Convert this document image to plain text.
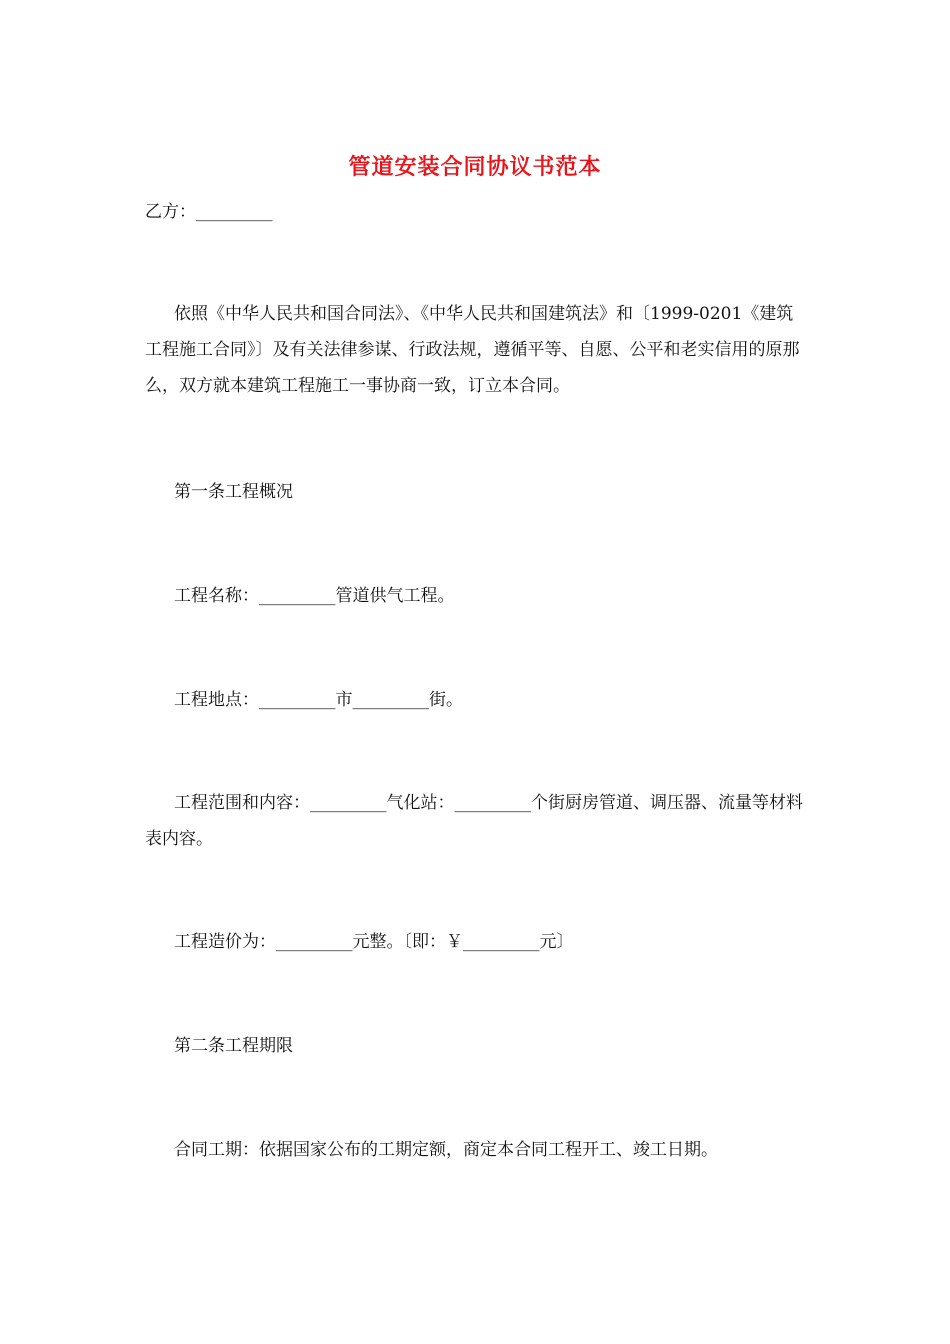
管道安装合同协议书范本
乙方：_________
依照《中华人民共和国合同法》、《中华人民共和国建筑法》和〔1999-0201《建筑工程施工合同》〕及有关法律参谋、行政法规，遵循平等、自愿、公平和老实信用的原那么，双方就本建筑工程施工一事协商一致，订立本合同。
第一条工程概况
工程名称：_________管道供气工程。
工程地点：_________市_________街。
工程范围和内容：_________气化站：_________个街厨房管道、调压器、流量等材料表内容。
工程造价为：_________元整。〔即：￥_________元〕
第二条工程期限
合同工期：依据国家公布的工期定额，商定本合同工程开工、竣工日期。
